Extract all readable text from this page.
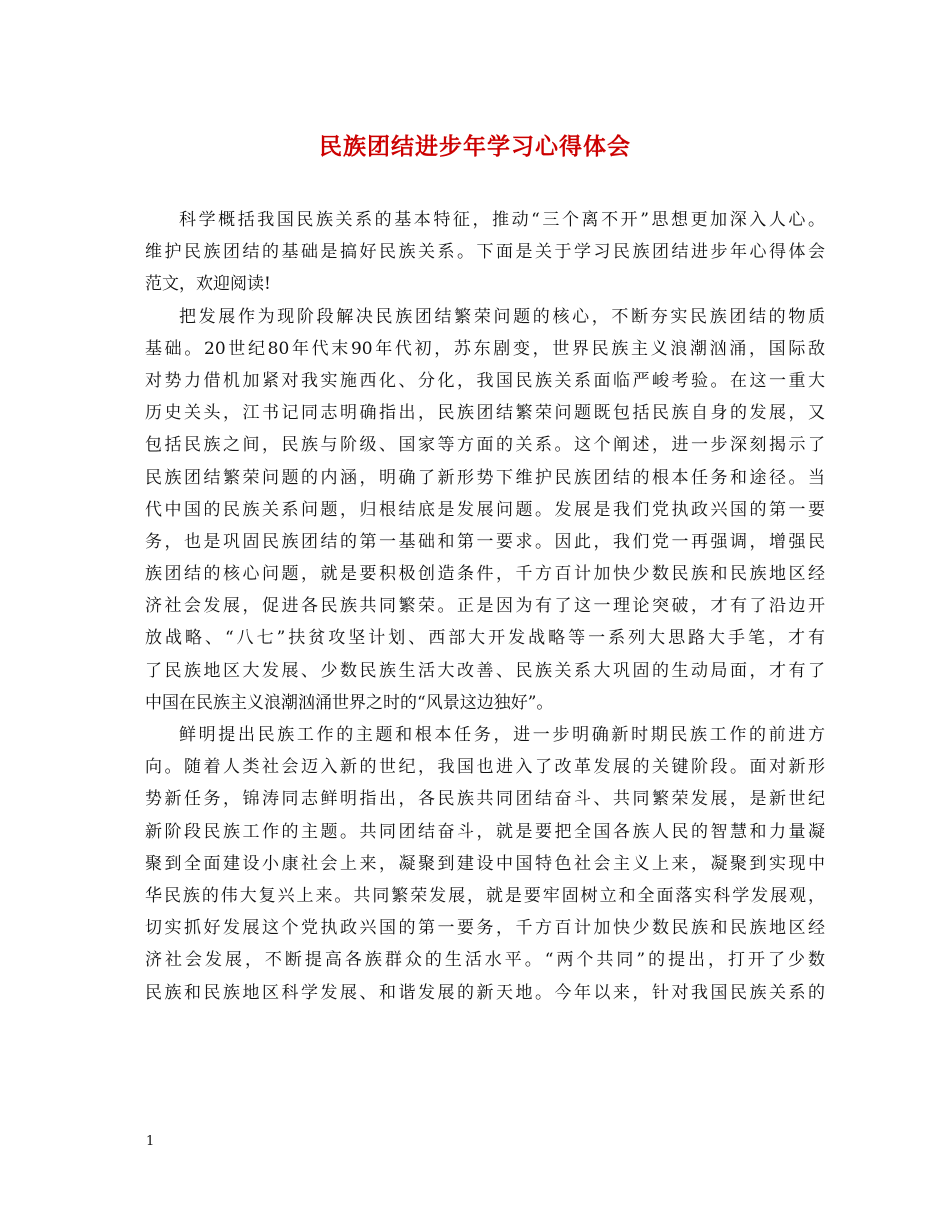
民族团结进步年学习心得体会
科学概括我国民族关系的基本特征，推动“三个离不开”思想更加深入人心。
维护民族团结的基础是搞好民族关系。下面是关于学习民族团结进步年心得体会
范文，欢迎阅读!
把发展作为现阶段解决民族团结繁荣问题的核心，不断夯实民族团结的物质
基础。20世纪80年代末90年代初，苏东剧变，世界民族主义浪潮汹涌，国际敌
对势力借机加紧对我实施西化、分化，我国民族关系面临严峻考验。在这一重大
历史关头，江书记同志明确指出，民族团结繁荣问题既包括民族自身的发展，又
包括民族之间，民族与阶级、国家等方面的关系。这个阐述，进一步深刻揭示了
民族团结繁荣问题的内涵，明确了新形势下维护民族团结的根本任务和途径。当
代中国的民族关系问题，归根结底是发展问题。发展是我们党执政兴国的第一要
务，也是巩固民族团结的第一基础和第一要求。因此，我们党一再强调，增强民
族团结的核心问题，就是要积极创造条件，千方百计加快少数民族和民族地区经
济社会发展，促进各民族共同繁荣。正是因为有了这一理论突破，才有了沿边开
放战略、“八七”扶贫攻坚计划、西部大开发战略等一系列大思路大手笔，才有
了民族地区大发展、少数民族生活大改善、民族关系大巩固的生动局面，才有了
中国在民族主义浪潮汹涌世界之时的“风景这边独好”。
鲜明提出民族工作的主题和根本任务，进一步明确新时期民族工作的前进方
向。随着人类社会迈入新的世纪，我国也进入了改革发展的关键阶段。面对新形
势新任务，锦涛同志鲜明指出，各民族共同团结奋斗、共同繁荣发展，是新世纪
新阶段民族工作的主题。共同团结奋斗，就是要把全国各族人民的智慧和力量凝
聚到全面建设小康社会上来，凝聚到建设中国特色社会主义上来，凝聚到实现中
华民族的伟大复兴上来。共同繁荣发展，就是要牢固树立和全面落实科学发展观，
切实抓好发展这个党执政兴国的第一要务，千方百计加快少数民族和民族地区经
济社会发展，不断提高各族群众的生活水平。“两个共同”的提出，打开了少数
民族和民族地区科学发展、和谐发展的新天地。今年以来，针对我国民族关系的
1
